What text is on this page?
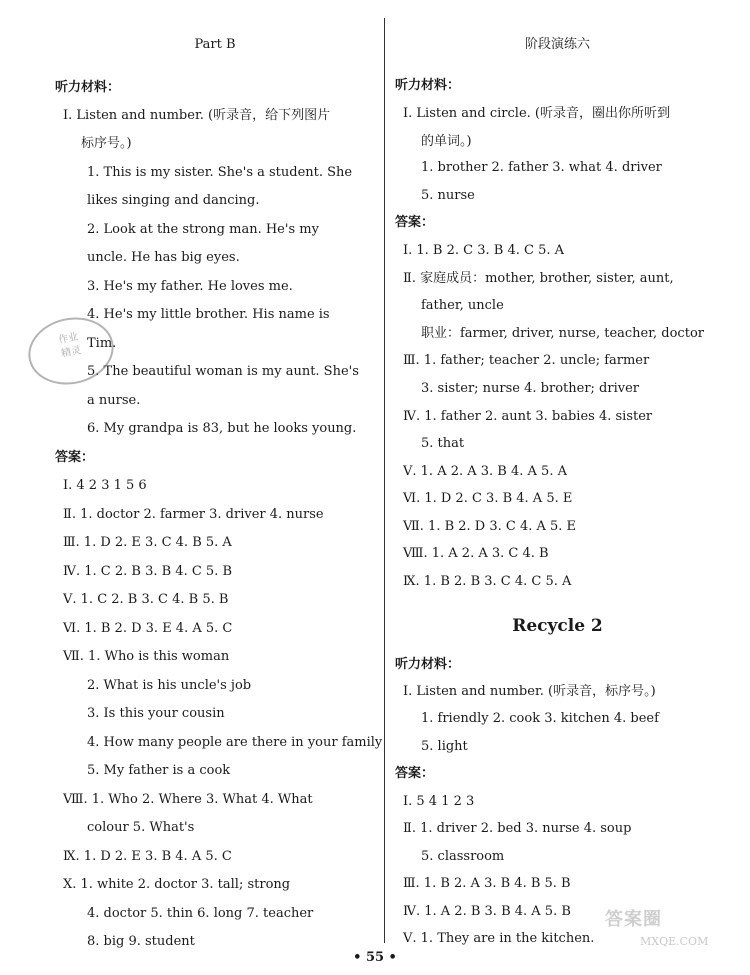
Part B
听力材料：
Ⅰ. Listen and number. (听录音，给下列图片
标序号。)
1. This is my sister. She's a student. She
likes singing and dancing.
2. Look at the strong man. He's my
uncle. He has big eyes.
3. He's my father. He loves me.
4. He's my little brother. His name is
Tim.
5. The beautiful woman is my aunt. She's
a nurse.
6. My grandpa is 83, but he looks young.
答案：
Ⅰ. 4 2 3 1 5 6
Ⅱ. 1. doctor 2. farmer 3. driver 4. nurse
Ⅲ. 1. D 2. E 3. C 4. B 5. A
Ⅳ. 1. C 2. B 3. B 4. C 5. B
Ⅴ. 1. C 2. B 3. C 4. B 5. B
Ⅵ. 1. B 2. D 3. E 4. A 5. C
Ⅶ. 1. Who is this woman
2. What is his uncle's job
3. Is this your cousin
4. How many people are there in your family
5. My father is a cook
Ⅷ. 1. Who 2. Where 3. What 4. What
colour 5. What's
Ⅸ. 1. D 2. E 3. B 4. A 5. C
Ⅹ. 1. white 2. doctor 3. tall; strong
4. doctor 5. thin 6. long 7. teacher
8. big 9. student
阶段演练六
听力材料：
Ⅰ. Listen and circle. (听录音，圈出你所听到
的单词。)
1. brother 2. father 3. what 4. driver
5. nurse
答案：
Ⅰ. 1. B 2. C 3. B 4. C 5. A
Ⅱ. 家庭成员：mother, brother, sister, aunt,
father, uncle
职业：farmer, driver, nurse, teacher, doctor
Ⅲ. 1. father; teacher 2. uncle; farmer
3. sister; nurse 4. brother; driver
Ⅳ. 1. father 2. aunt 3. babies 4. sister
5. that
Ⅴ. 1. A 2. A 3. B 4. A 5. A
Ⅵ. 1. D 2. C 3. B 4. A 5. E
Ⅶ. 1. B 2. D 3. C 4. A 5. E
Ⅷ. 1. A 2. A 3. C 4. B
Ⅸ. 1. B 2. B 3. C 4. C 5. A
Recycle 2
听力材料：
Ⅰ. Listen and number. (听录音，标序号。)
1. friendly 2. cook 3. kitchen 4. beef
5. light
答案：
Ⅰ. 5 4 1 2 3
Ⅱ. 1. driver 2. bed 3. nurse 4. soup
5. classroom
Ⅲ. 1. B 2. A 3. B 4. B 5. B
Ⅳ. 1. A 2. B 3. B 4. A 5. B
Ⅴ. 1. They are in the kitchen.
作业
精灵
答案圈
MXQE.COM
• 55 •
